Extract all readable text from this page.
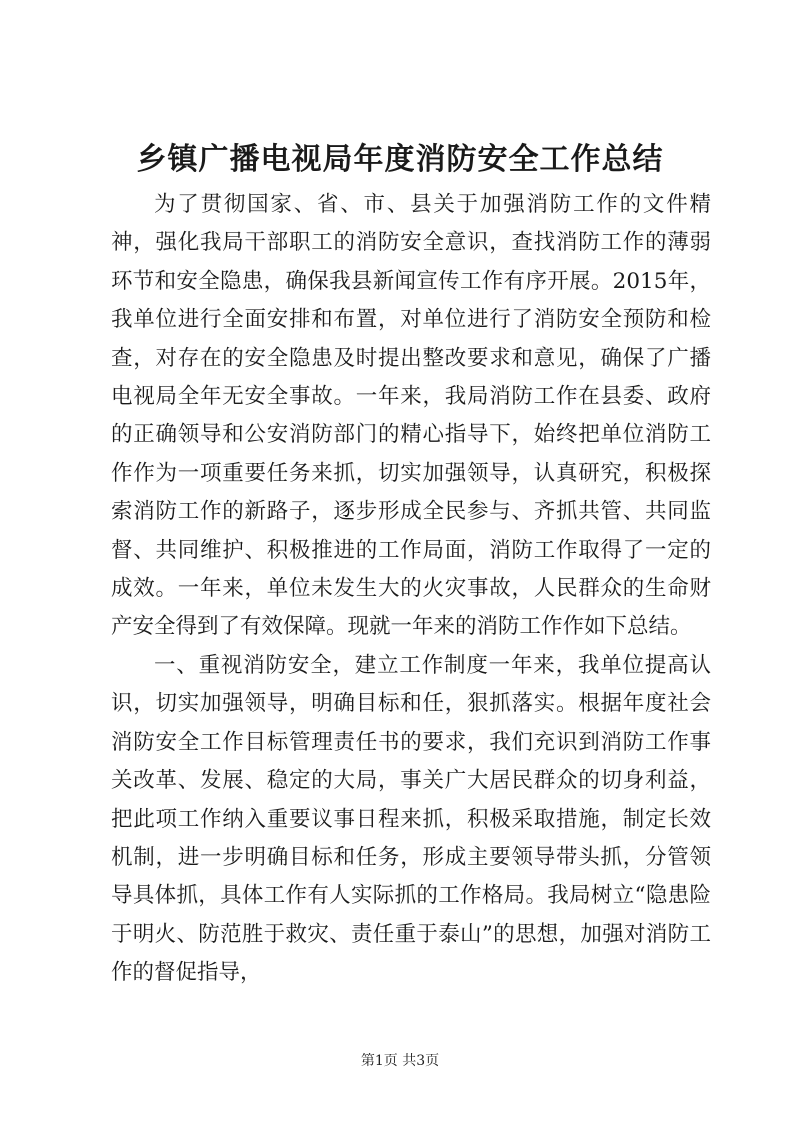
乡镇广播电视局年度消防安全工作总结

为了贯彻国家、省、市、县关于加强消防工作的文件精神，强化我局干部职工的消防安全意识，查找消防工作的薄弱环节和安全隐患，确保我县新闻宣传工作有序开展。2015年，我单位进行全面安排和布置，对单位进行了消防安全预防和检查，对存在的安全隐患及时提出整改要求和意见，确保了广播电视局全年无安全事故。一年来，我局消防工作在县委、政府的正确领导和公安消防部门的精心指导下，始终把单位消防工作作为一项重要任务来抓，切实加强领导，认真研究，积极探索消防工作的新路子，逐步形成全民参与、齐抓共管、共同监督、共同维护、积极推进的工作局面，消防工作取得了一定的成效。一年来，单位未发生大的火灾事故，人民群众的生命财产安全得到了有效保障。现就一年来的消防工作作如下总结。

一、重视消防安全，建立工作制度一年来，我单位提高认识，切实加强领导，明确目标和任，狠抓落实。根据年度社会消防安全工作目标管理责任书的要求，我们充识到消防工作事关改革、发展、稳定的大局，事关广大居民群众的切身利益，把此项工作纳入重要议事日程来抓，积极采取措施，制定长效机制，进一步明确目标和任务，形成主要领导带头抓，分管领导具体抓，具体工作有人实际抓的工作格局。我局树立“隐患险于明火、防范胜于救灾、责任重于泰山”的思想，加强对消防工作的督促指导，

第1页 共3页
